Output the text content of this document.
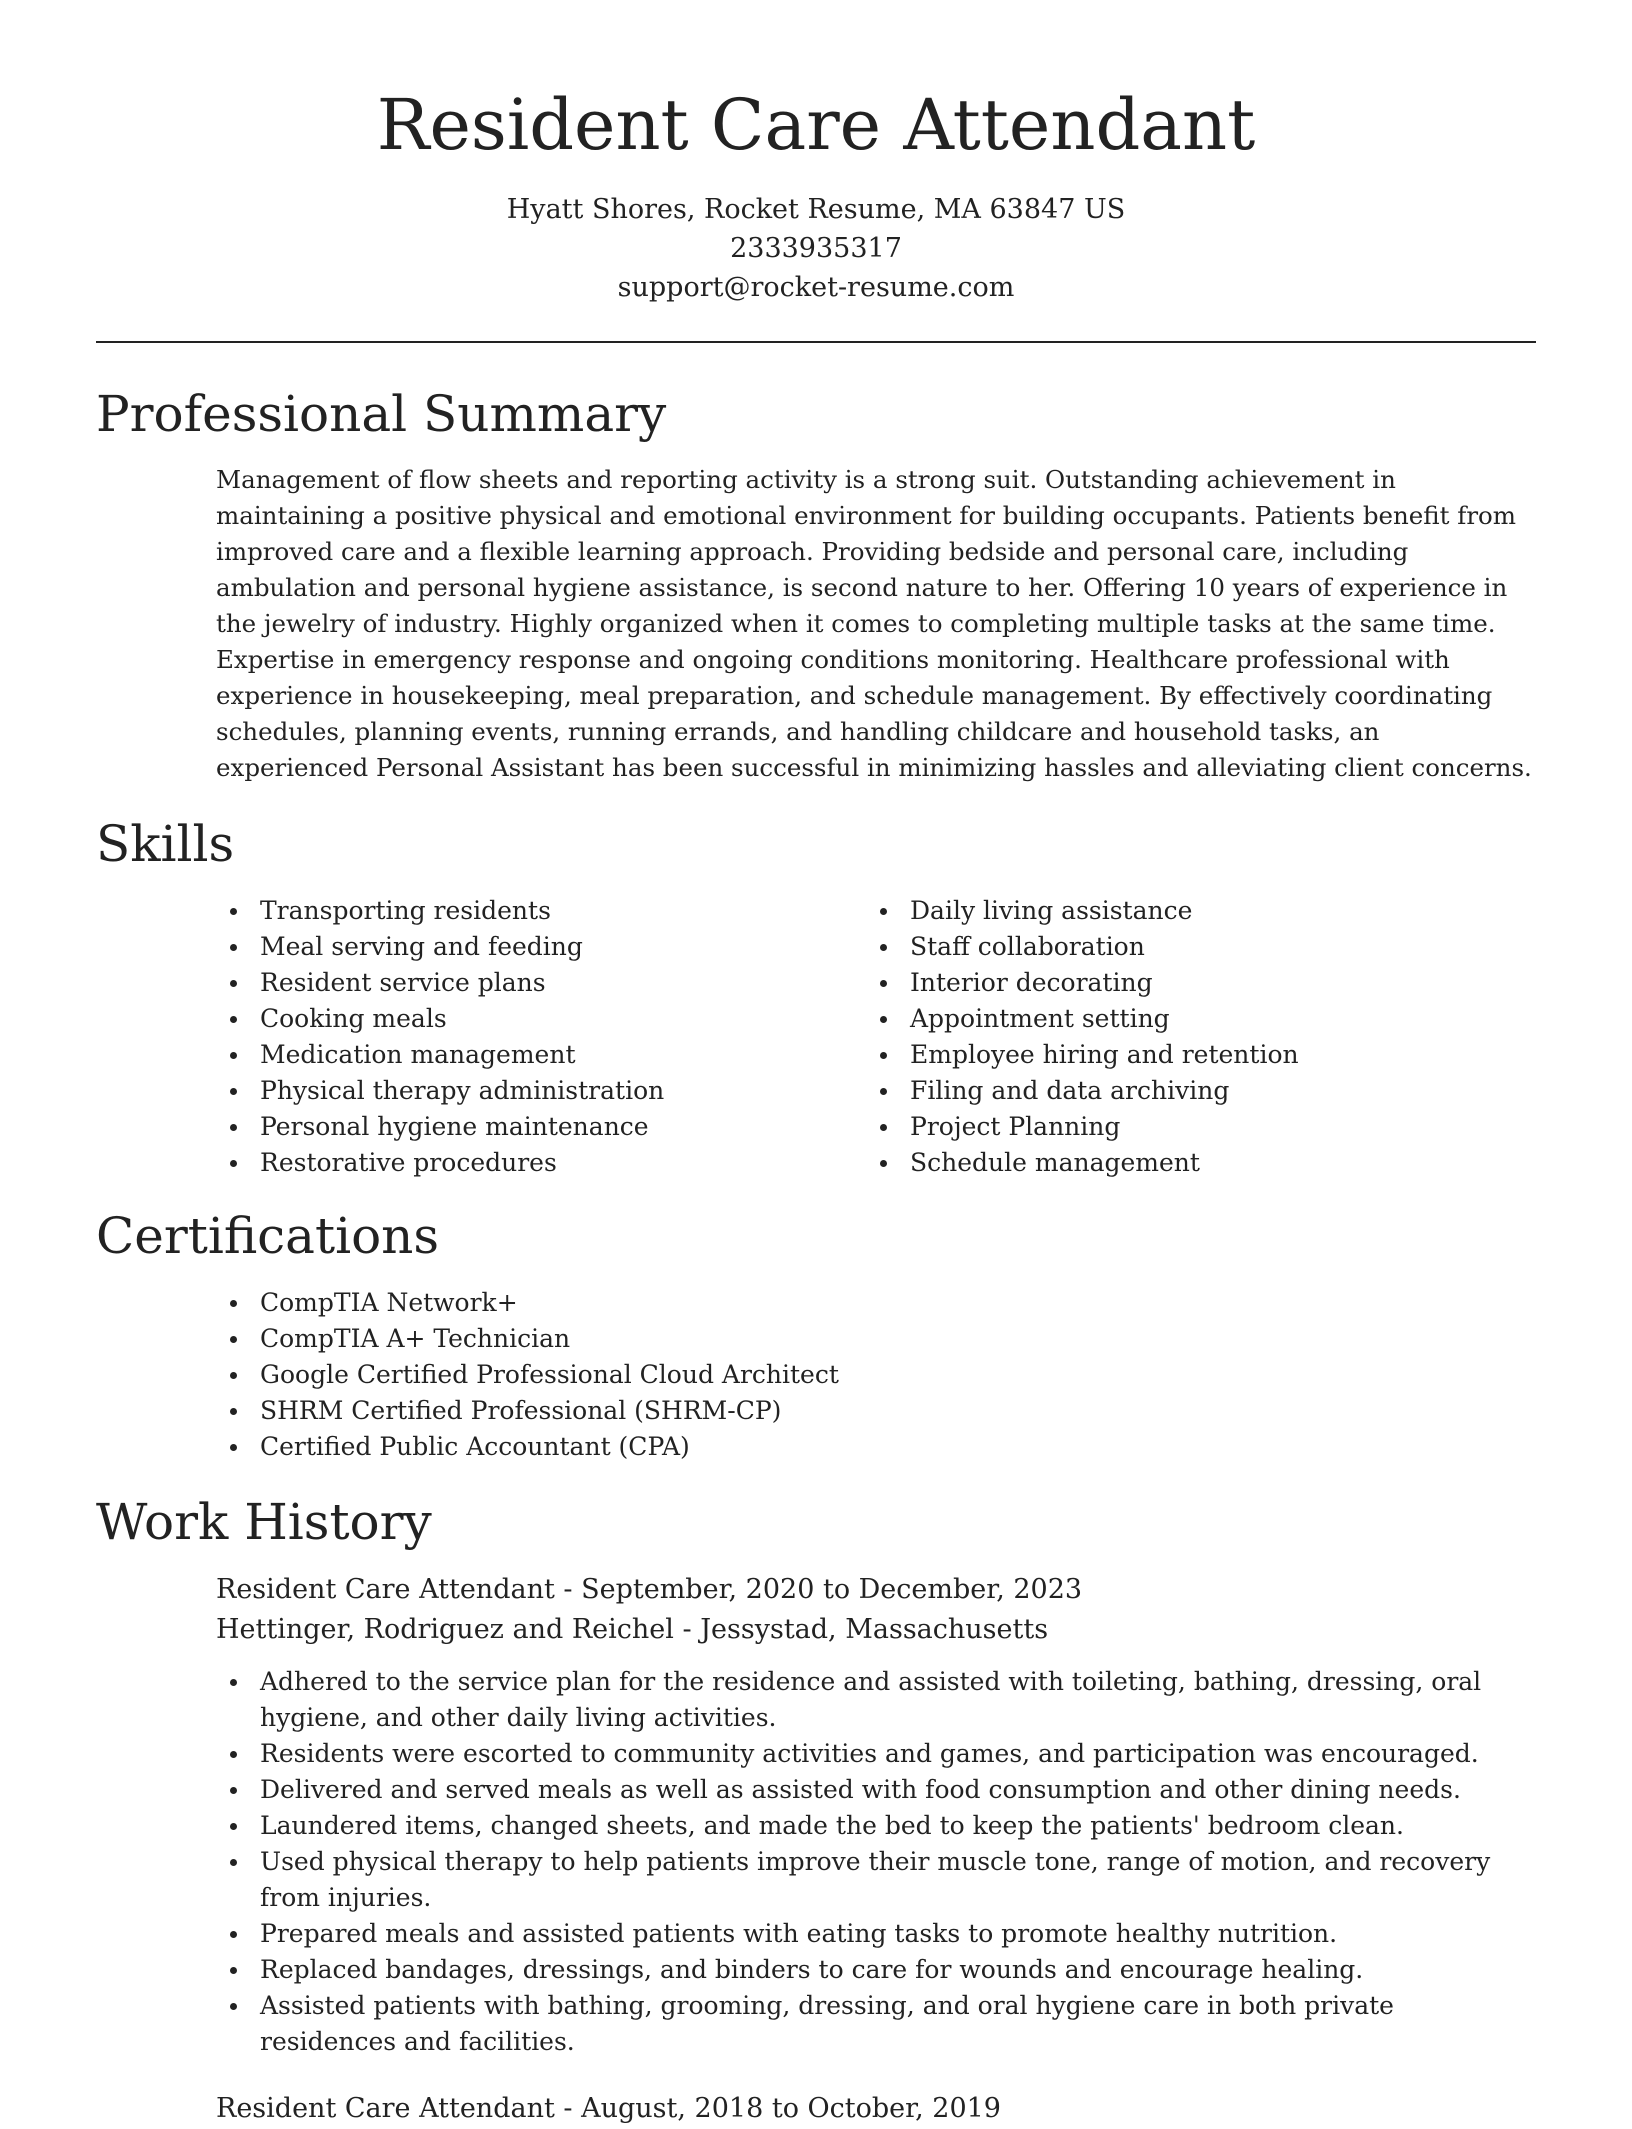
Resident Care Attendant
Hyatt Shores, Rocket Resume, MA 63847 US
2333935317
support@rocket-resume.com
Professional Summary

Management of flow sheets and reporting activity is a strong suit. Outstanding achievement in maintaining a positive physical and emotional environment for building occupants. Patients benefit from improved care and a flexible learning approach. Providing bedside and personal care, including ambulation and personal hygiene assistance, is second nature to her. Offering 10 years of experience in the jewelry of industry. Highly organized when it comes to completing multiple tasks at the same time. Expertise in emergency response and ongoing conditions monitoring. Healthcare professional with experience in housekeeping, meal preparation, and schedule management. By effectively coordinating schedules, planning events, running errands, and handling childcare and household tasks, an experienced Personal Assistant has been successful in minimizing hassles and alleviating client concerns.

Skills
Transporting residents
Meal serving and feeding
Resident service plans
Cooking meals
Medication management
Physical therapy administration
Personal hygiene maintenance
Restorative procedures
Daily living assistance
Staff collaboration
Interior decorating
Appointment setting
Employee hiring and retention
Filing and data archiving
Project Planning
Schedule management
Certifications
CompTIA Network+
CompTIA A+ Technician
Google Certified Professional Cloud Architect
SHRM Certified Professional (SHRM-CP)
Certified Public Accountant (CPA)
Work History
Resident Care Attendant - September, 2020 to December, 2023
Hettinger, Rodriguez and Reichel - Jessystad, Massachusetts
Adhered to the service plan for the residence and assisted with toileting, bathing, dressing, oral hygiene, and other daily living activities.
Residents were escorted to community activities and games, and participation was encouraged.
Delivered and served meals as well as assisted with food consumption and other dining needs.
Laundered items, changed sheets, and made the bed to keep the patients' bedroom clean.
Used physical therapy to help patients improve their muscle tone, range of motion, and recovery from injuries.
Prepared meals and assisted patients with eating tasks to promote healthy nutrition.
Replaced bandages, dressings, and binders to care for wounds and encourage healing.
Assisted patients with bathing, grooming, dressing, and oral hygiene care in both private residences and facilities.
Resident Care Attendant - August, 2018 to October, 2019
